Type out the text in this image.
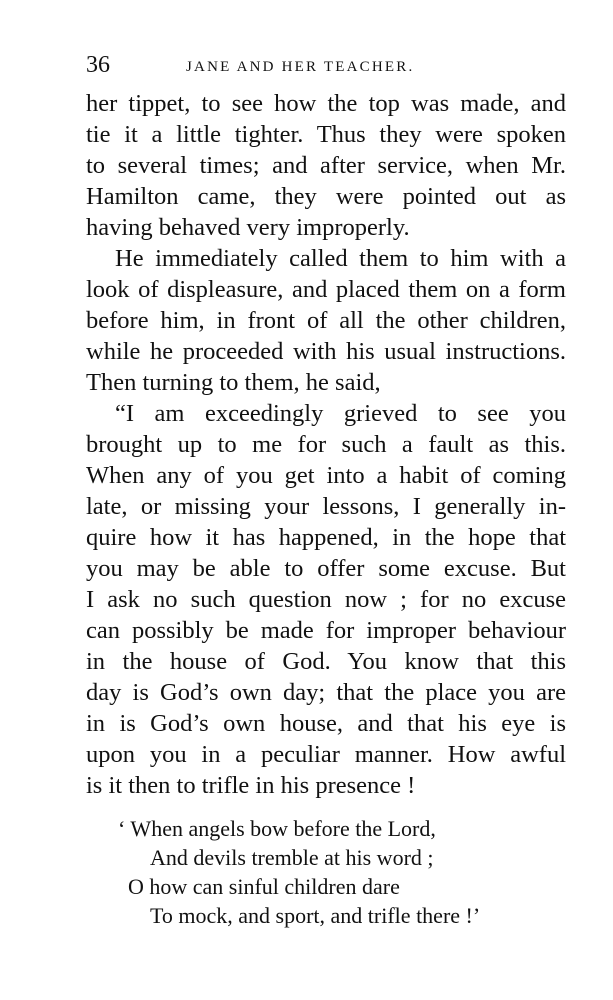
36	JANE AND HER TEACHER.
her tippet, to see how the top was made, and
tie it a little tighter. Thus they were spoken
to several times; and after service, when Mr.
Hamilton came, they were pointed out as
having behaved very improperly.
He immediately called them to him with a
look of displeasure, and placed them on a form
before him, in front of all the other children,
while he proceeded with his usual instructions.
Then turning to them, he said,
“I am exceedingly grieved to see you
brought up to me for such a fault as this.
When any of you get into a habit of coming
late, or missing your lessons, I generally in-
quire how it has happened, in the hope that
you may be able to offer some excuse. But
I ask no such question now ; for no excuse
can possibly be made for improper behaviour
in the house of God. You know that this
day is God’s own day; that the place you are
in is God’s own house, and that his eye is
upon you in a peculiar manner. How awful
is it then to trifle in his presence !
‘ When angels bow before the Lord,
And devils tremble at his word ;
O how can sinful children dare
To mock, and sport, and trifle there !’
